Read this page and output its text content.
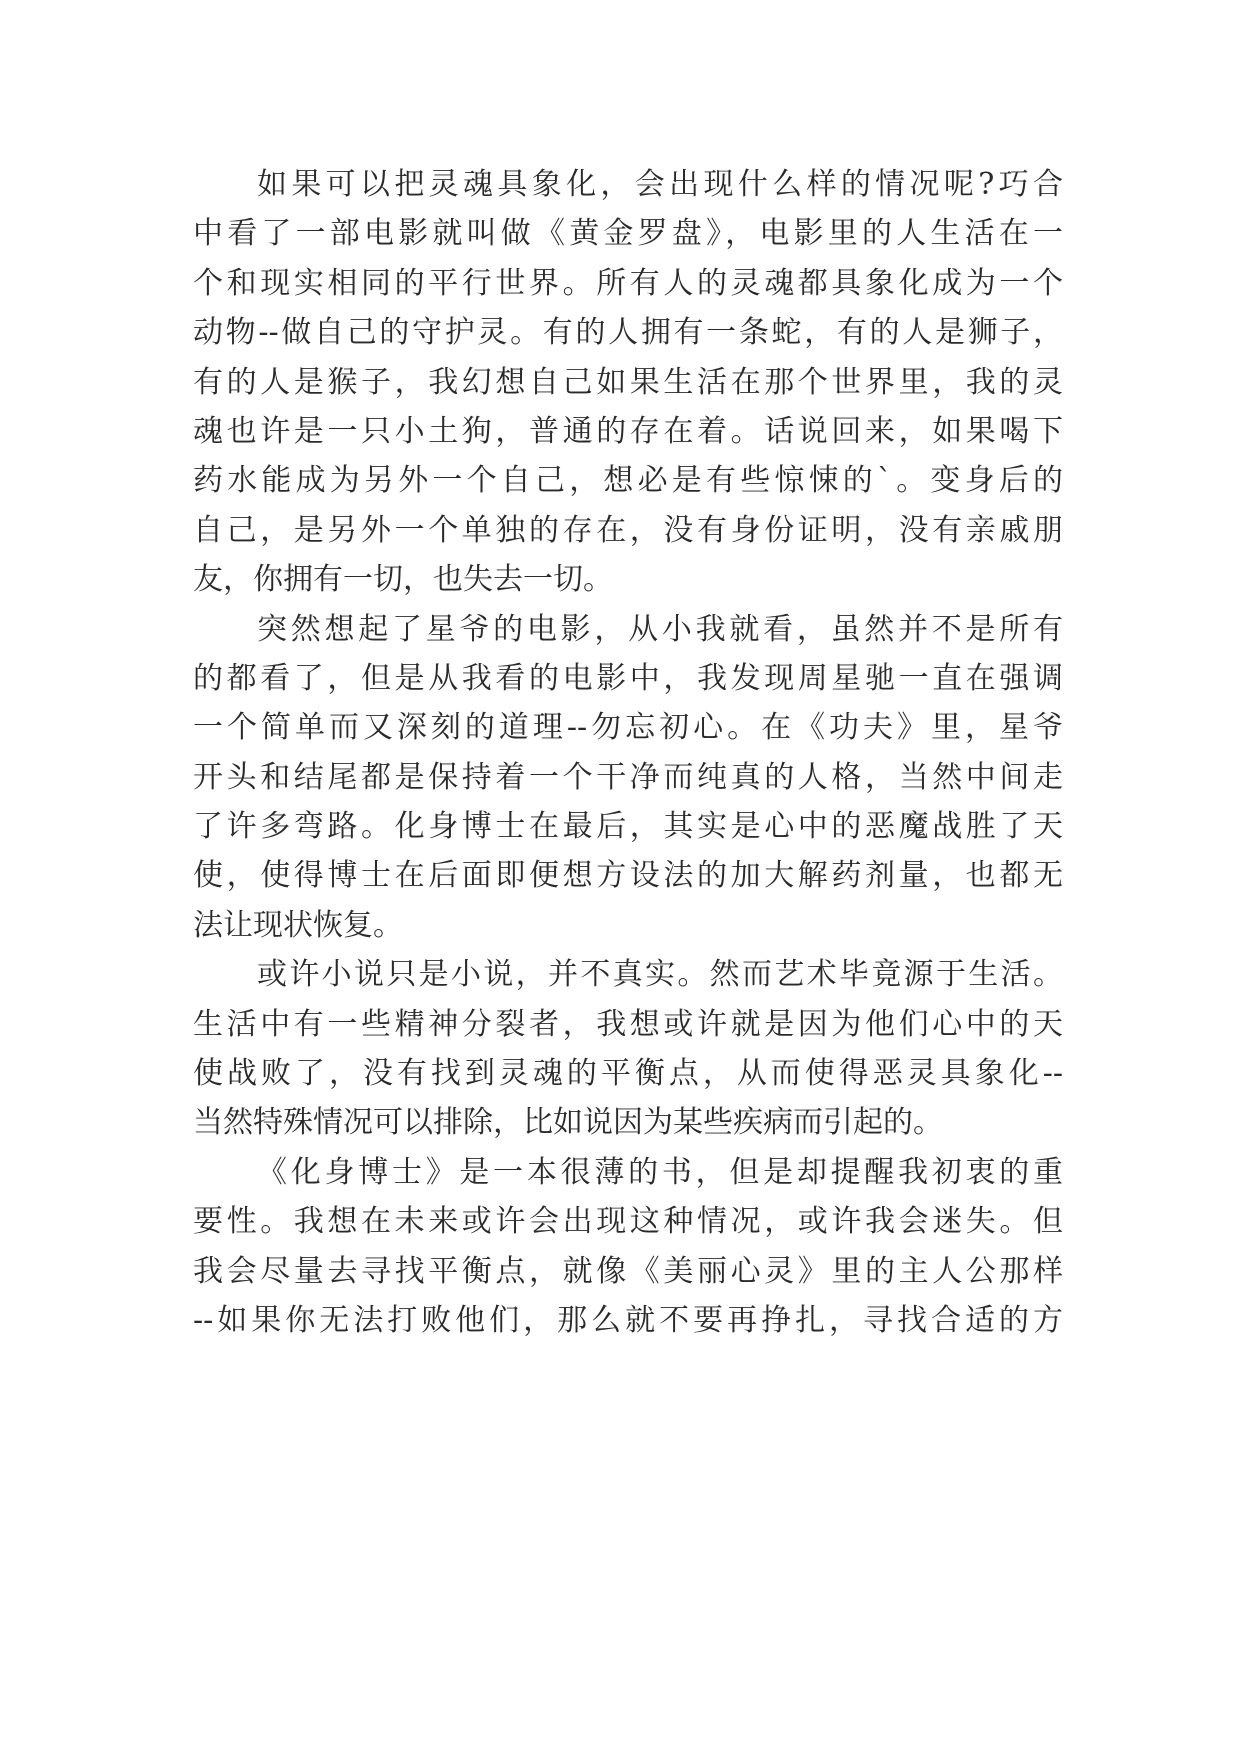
如果可以把灵魂具象化，会出现什么样的情况呢?巧合
中看了一部电影就叫做《黄金罗盘》，电影里的人生活在一
个和现实相同的平行世界。所有人的灵魂都具象化成为一个
动物--做自己的守护灵。有的人拥有一条蛇，有的人是狮子，
有的人是猴子，我幻想自己如果生活在那个世界里，我的灵
魂也许是一只小土狗，普通的存在着。话说回来，如果喝下
药水能成为另外一个自己，想必是有些惊悚的`。变身后的
自己，是另外一个单独的存在，没有身份证明，没有亲戚朋
友，你拥有一切，也失去一切。
突然想起了星爷的电影，从小我就看，虽然并不是所有
的都看了，但是从我看的电影中，我发现周星驰一直在强调
一个简单而又深刻的道理--勿忘初心。在《功夫》里，星爷
开头和结尾都是保持着一个干净而纯真的人格，当然中间走
了许多弯路。化身博士在最后，其实是心中的恶魔战胜了天
使，使得博士在后面即便想方设法的加大解药剂量，也都无
法让现状恢复。
或许小说只是小说，并不真实。然而艺术毕竟源于生活。
生活中有一些精神分裂者，我想或许就是因为他们心中的天
使战败了，没有找到灵魂的平衡点，从而使得恶灵具象化--
当然特殊情况可以排除，比如说因为某些疾病而引起的。
《化身博士》是一本很薄的书，但是却提醒我初衷的重
要性。我想在未来或许会出现这种情况，或许我会迷失。但
我会尽量去寻找平衡点，就像《美丽心灵》里的主人公那样
--如果你无法打败他们，那么就不要再挣扎，寻找合适的方
